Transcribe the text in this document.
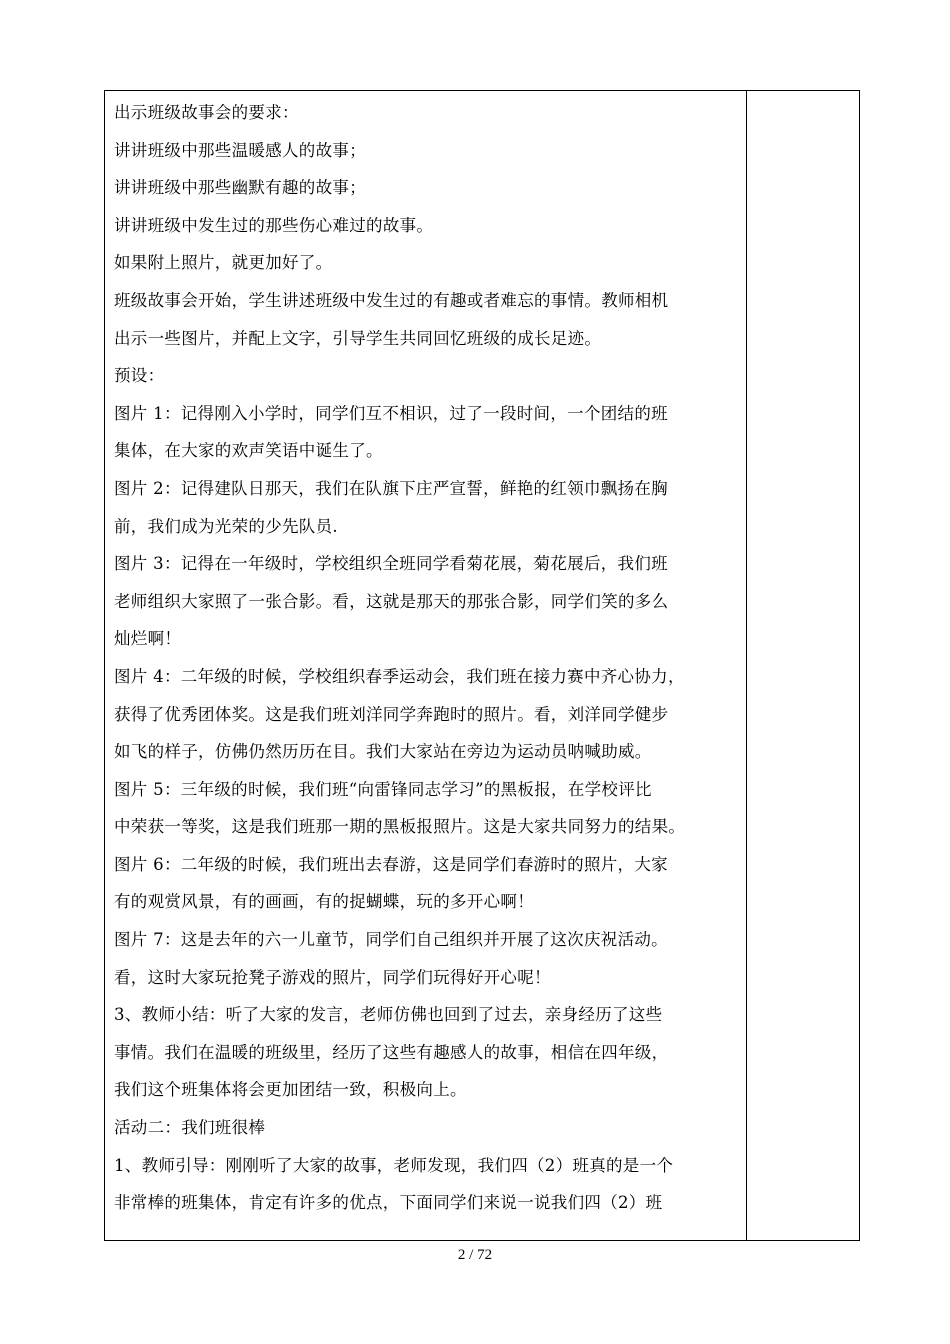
出示班级故事会的要求：

讲讲班级中那些温暖感人的故事；

讲讲班级中那些幽默有趣的故事；

讲讲班级中发生过的那些伤心难过的故事。

如果附上照片，就更加好了。

班级故事会开始，学生讲述班级中发生过的有趣或者难忘的事情。教师相机

出示一些图片，并配上文字，引导学生共同回忆班级的成长足迹。

预设：

图片 1：记得刚入小学时，同学们互不相识，过了一段时间，一个团结的班

集体，在大家的欢声笑语中诞生了。

图片 2：记得建队日那天，我们在队旗下庄严宣誓，鲜艳的红领巾飘扬在胸

前，我们成为光荣的少先队员.

图片 3：记得在一年级时，学校组织全班同学看菊花展，菊花展后，我们班

老师组织大家照了一张合影。看，这就是那天的那张合影，同学们笑的多么

灿烂啊！

图片 4：二年级的时候，学校组织春季运动会，我们班在接力赛中齐心协力，

获得了优秀团体奖。这是我们班刘洋同学奔跑时的照片。看，刘洋同学健步

如飞的样子，仿佛仍然历历在目。我们大家站在旁边为运动员呐喊助威。

图片 5：三年级的时候，我们班“向雷锋同志学习”的黑板报，在学校评比

中荣获一等奖，这是我们班那一期的黑板报照片。这是大家共同努力的结果。

图片 6：二年级的时候，我们班出去春游，这是同学们春游时的照片，大家

有的观赏风景，有的画画，有的捉蝴蝶，玩的多开心啊！

图片 7：这是去年的六一儿童节，同学们自己组织并开展了这次庆祝活动。

看，这时大家玩抢凳子游戏的照片，同学们玩得好开心呢！

3、教师小结：听了大家的发言，老师仿佛也回到了过去，亲身经历了这些

事情。我们在温暖的班级里，经历了这些有趣感人的故事，相信在四年级，

我们这个班集体将会更加团结一致，积极向上。

活动二：我们班很棒

1、教师引导：刚刚听了大家的故事，老师发现，我们四（2）班真的是一个

非常棒的班集体，肯定有许多的优点，下面同学们来说一说我们四（2）班

2 / 72
